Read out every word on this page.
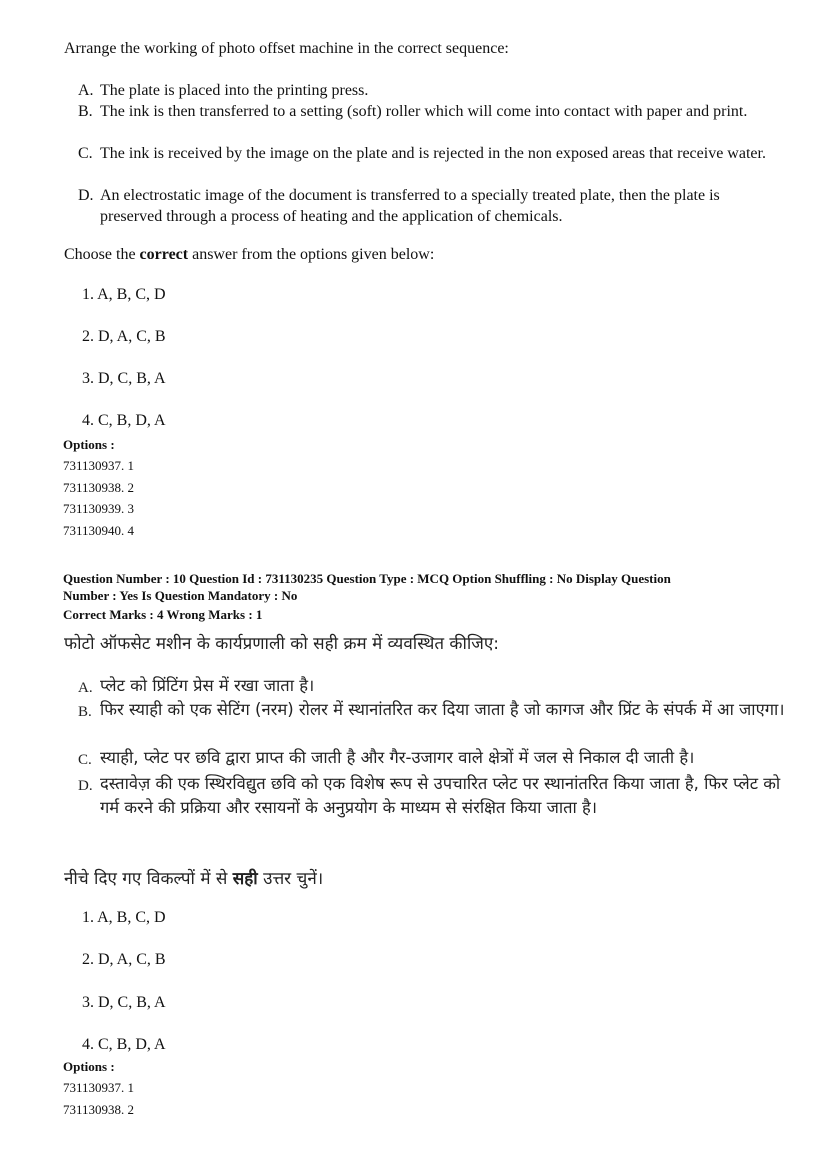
Arrange the working of photo offset machine in the correct sequence:
A. The plate is placed into the printing press.
B. The ink is then transferred to a setting (soft) roller which will come into contact with paper and print.
C. The ink is received by the image on the plate and is rejected in the non exposed areas that receive water.
D. An electrostatic image of the document is transferred to a specially treated plate, then the plate is preserved through a process of heating and the application of chemicals.
Choose the correct answer from the options given below:
1. A, B, C, D
2. D, A, C, B
3. D, C, B, A
4. C, B, D, A
Options :
731130937. 1
731130938. 2
731130939. 3
731130940. 4
Question Number : 10 Question Id : 731130235 Question Type : MCQ Option Shuffling : No Display Question
Number : Yes Is Question Mandatory : No
Correct Marks : 4 Wrong Marks : 1
फोटो ऑफसेट मशीन के कार्यप्रणाली को सही क्रम में व्यवस्थित कीजिए:
A. प्लेट को प्रिंटिंग प्रेस में रखा जाता है।
B. फिर स्याही को एक सेटिंग (नरम) रोलर में स्थानांतरित कर दिया जाता है जो कागज और प्रिंट के संपर्क में आ जाएगा।
C. स्याही, प्लेट पर छवि द्वारा प्राप्त की जाती है और गैर-उजागर वाले क्षेत्रों में जल से निकाल दी जाती है।
D. दस्तावेज़ की एक स्थिरविद्युत छवि को एक विशेष रूप से उपचारित प्लेट पर स्थानांतरित किया जाता है, फिर प्लेट को गर्म करने की प्रक्रिया और रसायनों के अनुप्रयोग के माध्यम से संरक्षित किया जाता है।
नीचे दिए गए विकल्पों में से सही उत्तर चुनें।
1. A, B, C, D
2. D, A, C, B
3. D, C, B, A
4. C, B, D, A
Options :
731130937. 1
731130938. 2
